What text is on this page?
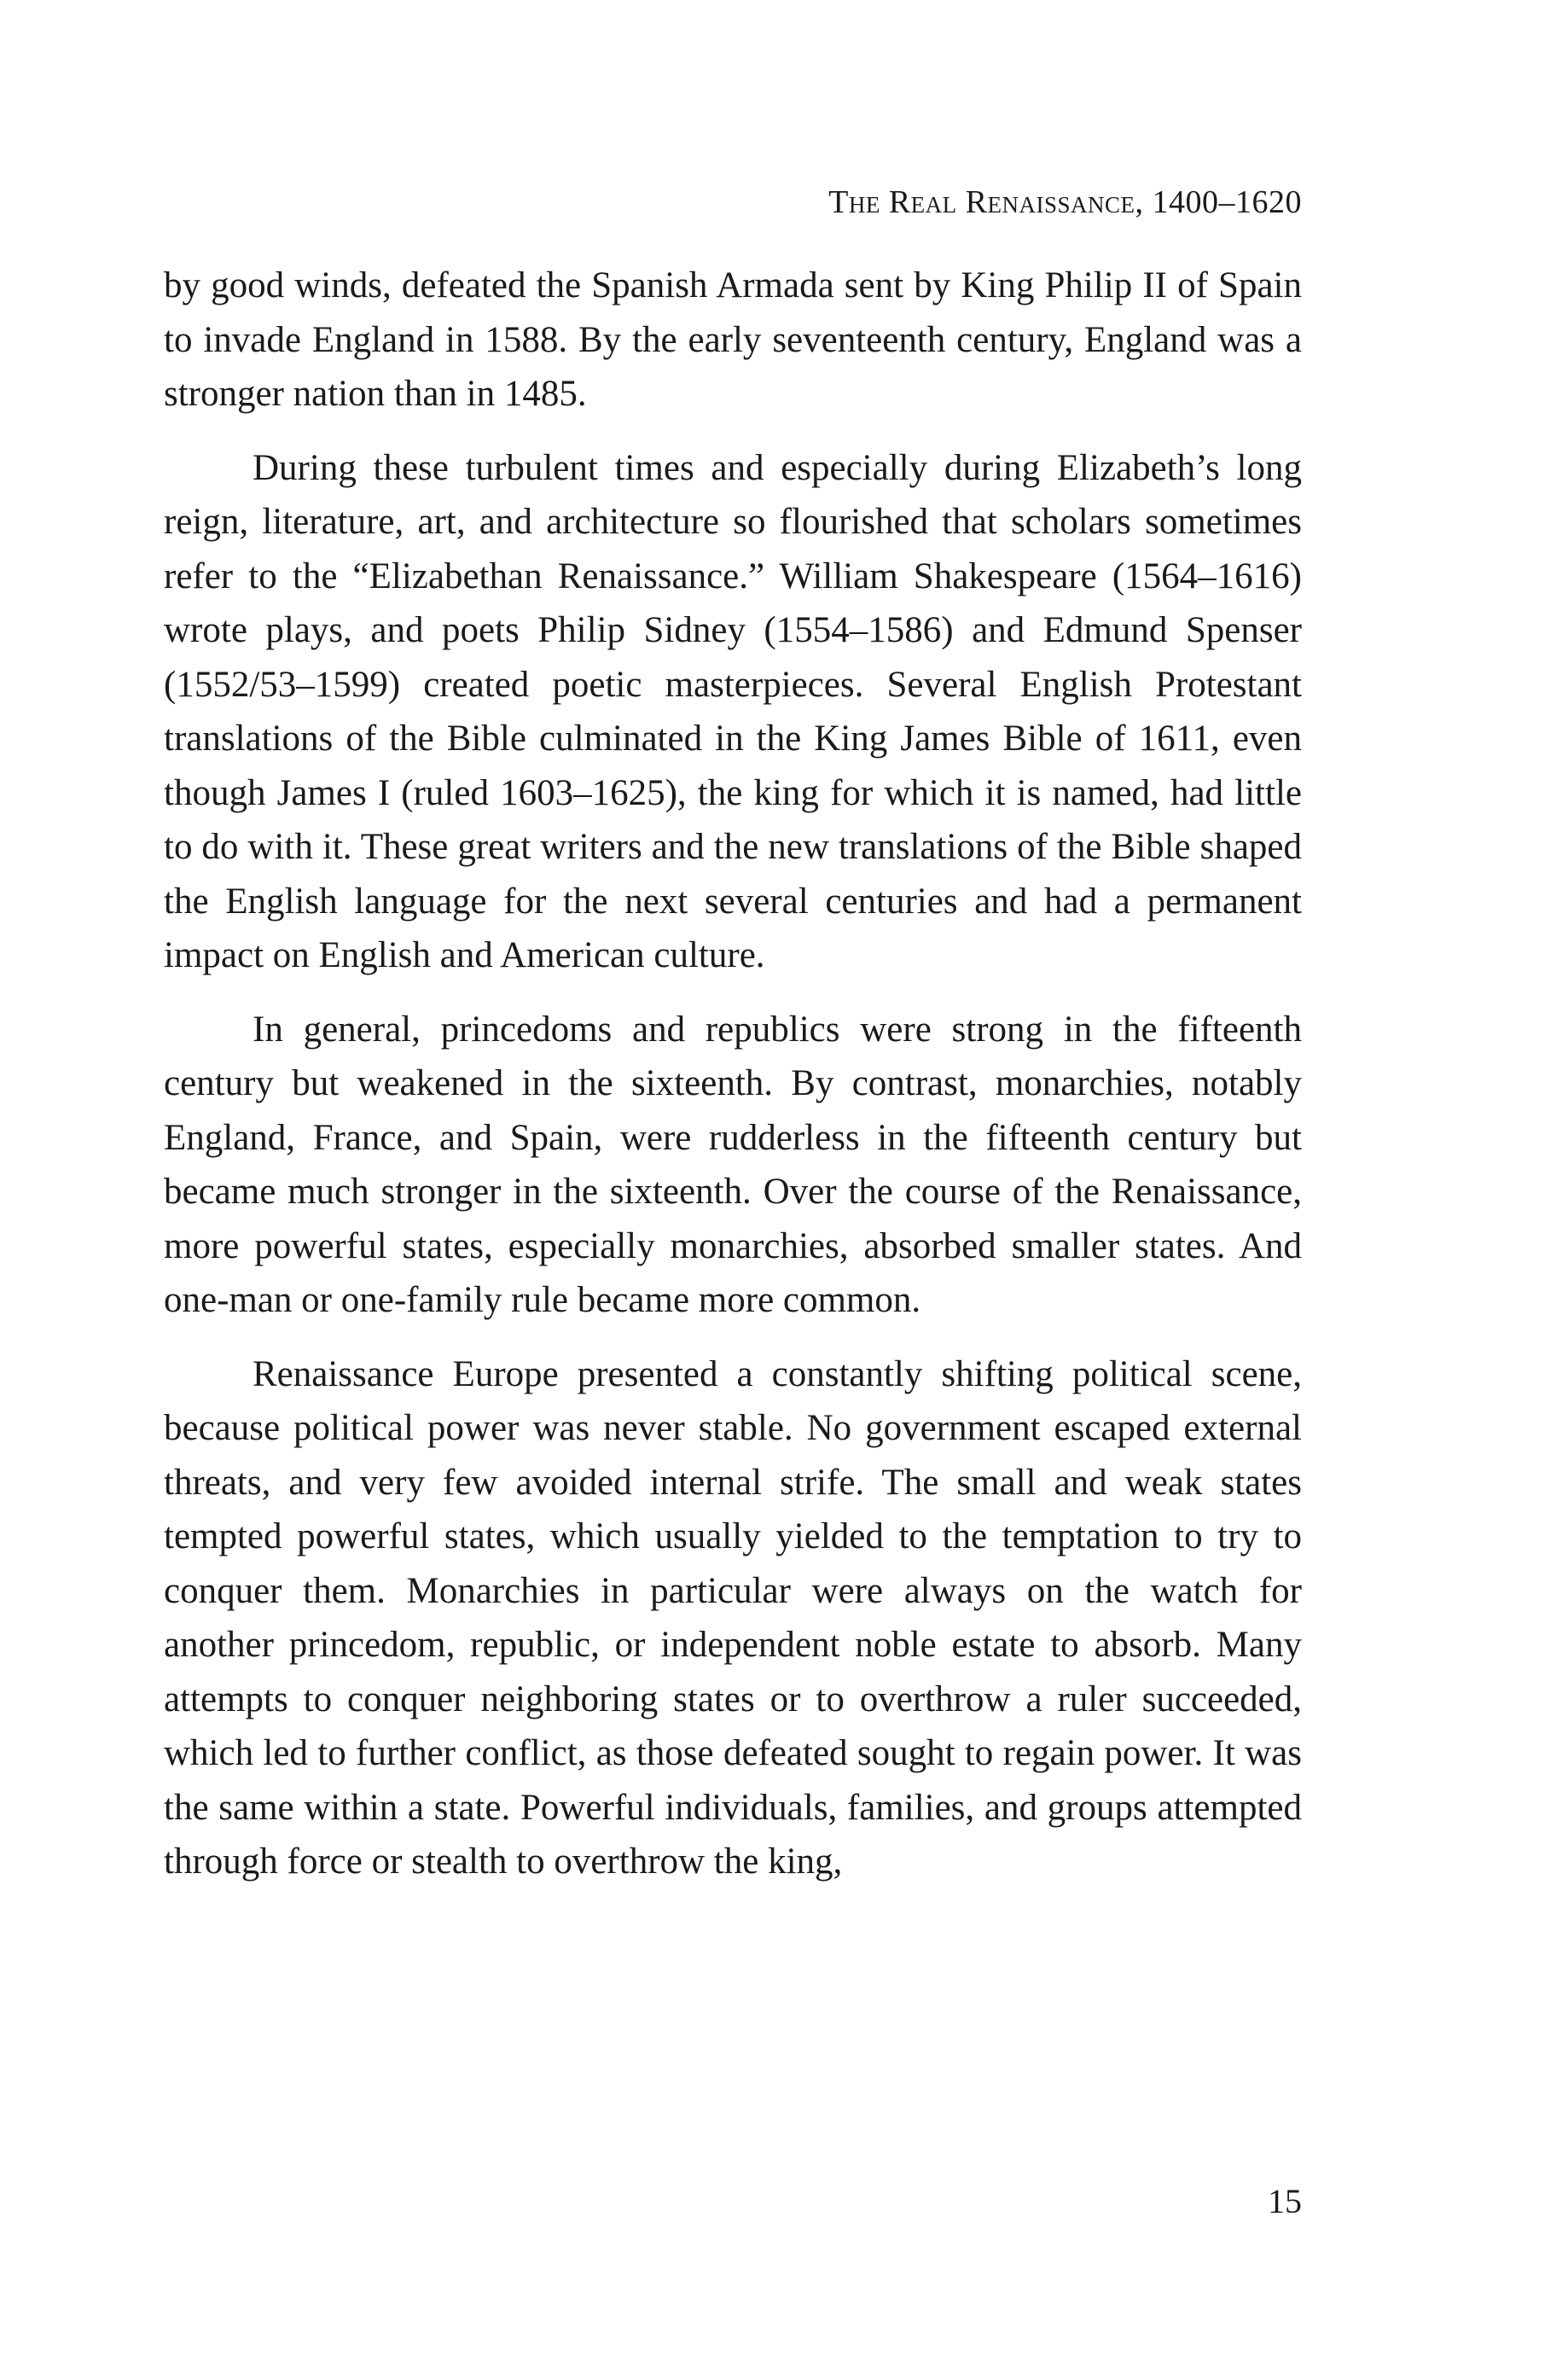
The Real Renaissance, 1400–1620

by good winds, defeated the Spanish Armada sent by King Philip II of Spain to invade England in 1588. By the early seventeenth century, England was a stronger nation than in 1485.

During these turbulent times and especially during Elizabeth’s long reign, literature, art, and architecture so flourished that scholars sometimes refer to the “Elizabethan Renaissance.” William Shakespeare (1564–1616) wrote plays, and poets Philip Sidney (1554–1586) and Edmund Spenser (1552/53–1599) created poetic masterpieces. Several English Protestant translations of the Bible culminated in the King James Bible of 1611, even though James I (ruled 1603–1625), the king for which it is named, had little to do with it. These great writers and the new translations of the Bible shaped the English language for the next several centuries and had a permanent impact on English and American culture.

In general, princedoms and republics were strong in the fifteenth century but weakened in the sixteenth. By contrast, monarchies, notably England, France, and Spain, were rudderless in the fifteenth century but became much stronger in the sixteenth. Over the course of the Renaissance, more powerful states, especially monarchies, absorbed smaller states. And one-man or one-family rule became more common.

Renaissance Europe presented a constantly shifting political scene, because political power was never stable. No government escaped external threats, and very few avoided internal strife. The small and weak states tempted powerful states, which usually yielded to the temptation to try to conquer them. Monarchies in particular were always on the watch for another princedom, republic, or independent noble estate to absorb. Many attempts to conquer neighboring states or to overthrow a ruler succeeded, which led to further conflict, as those defeated sought to regain power. It was the same within a state. Powerful individuals, families, and groups attempted through force or stealth to overthrow the king,

15
